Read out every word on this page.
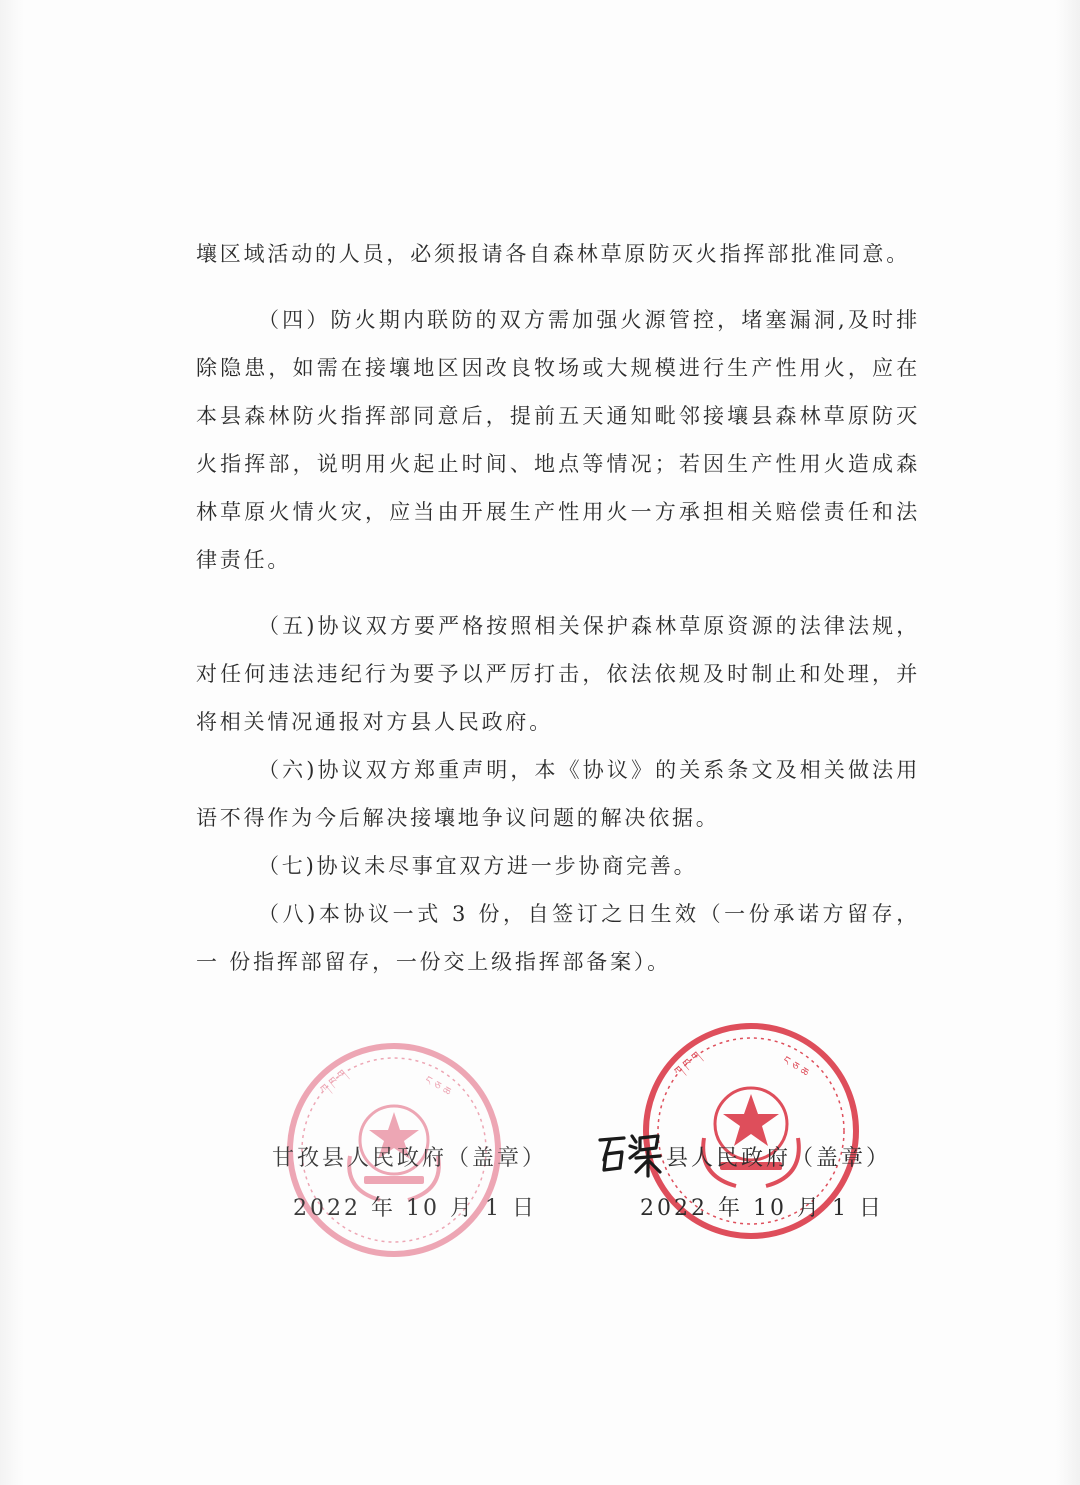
壤区域活动的人员，必须报请各自森林草原防灭火指挥部批准同意。

（四）防火期内联防的双方需加强火源管控，堵塞漏洞,及时排 除隐患，如需在接壤地区因改良牧场或大规模进行生产性用火，应在本县森林防火指挥部同意后，提前五天通知毗邻接壤县森林草原防灭火指挥部，说明用火起止时间、地点等情况；若因生产性用火造成森 林草原火情火灾，应当由开展生产性用火一方承担相关赔偿责任和法律责任。

（五)协议双方要严格按照相关保护森林草原资源的法律法规，对任何违法违纪行为要予以严厉打击，依法依规及时制止和处理，并将相关情况通报对方县人民政府。

（六)协议双方郑重声明，本《协议》的关系条文及相关做法用 语不得作为今后解决接壤地争议问题的解决依据。

（七)协议未尽事宜双方进一步协商完善。

（八)本协议一式 3 份，自签订之日生效（一份承诺方留存，一 份指挥部留存，一份交上级指挥部备案）。

ཀ ཁ ག	ང ཅ ཆ
ཀ ཁ ག	ང ཅ ཆ
甘孜县人民政府（盖章）
2022 年 10 月 1 日
县人民政府（盖章）
2022 年 10 月 1 日
